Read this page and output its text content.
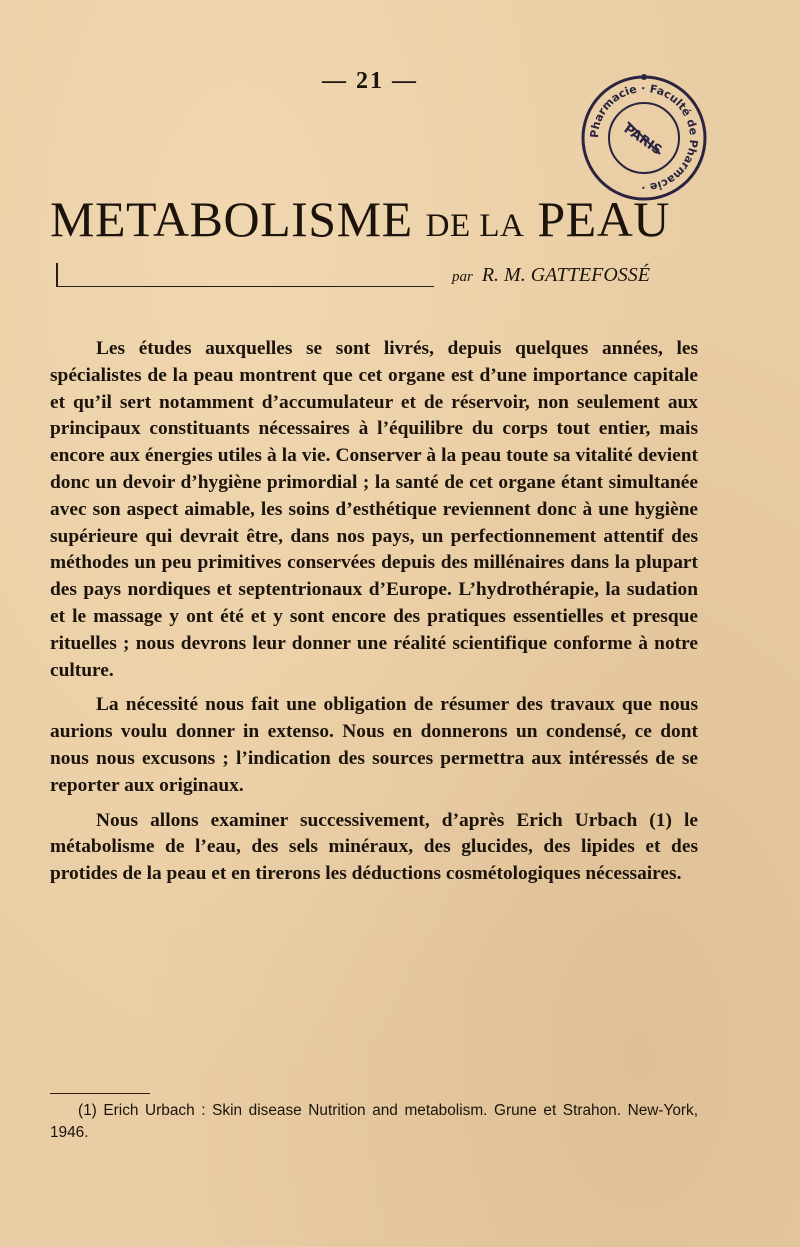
— 21 —
Pharmacie · Faculté de Pharmacie ·
PARIS
METABOLISME DE LA PEAU
par R. M. GATTEFOSSÉ

Les études auxquelles se sont livrés, depuis quelques années, les spécialistes de la peau montrent que cet organe est d’une importance capitale et qu’il sert notamment d’accumulateur et de réservoir, non seulement aux principaux constituants nécessaires à l’équilibre du corps tout entier, mais encore aux énergies utiles à la vie. Conserver à la peau toute sa vitalité devient donc un devoir d’hygiène primordial ; la santé de cet organe étant simultanée avec son aspect aimable, les soins d’esthétique reviennent donc à une hygiène supérieure qui devrait être, dans nos pays, un perfectionnement attentif des méthodes un peu primitives conservées depuis des millénaires dans la plupart des pays nordiques et septentrionaux d’Europe. L’hydrothérapie, la sudation et le massage y ont été et y sont encore des pratiques essentielles et presque rituelles ; nous devrons leur donner une réalité scientifique conforme à notre culture.

La nécessité nous fait une obligation de résumer des travaux que nous aurions voulu donner in extenso. Nous en donnerons un condensé, ce dont nous nous excusons ; l’indication des sources permettra aux intéressés de se reporter aux originaux.

Nous allons examiner successivement, d’après Erich Urbach (1) le métabolisme de l’eau, des sels minéraux, des glucides, des lipides et des protides de la peau et en tirerons les déductions cosmétologiques nécessaires.

(1) Erich Urbach : Skin disease Nutrition and metabolism. Grune et Strahon. New-York, 1946.
